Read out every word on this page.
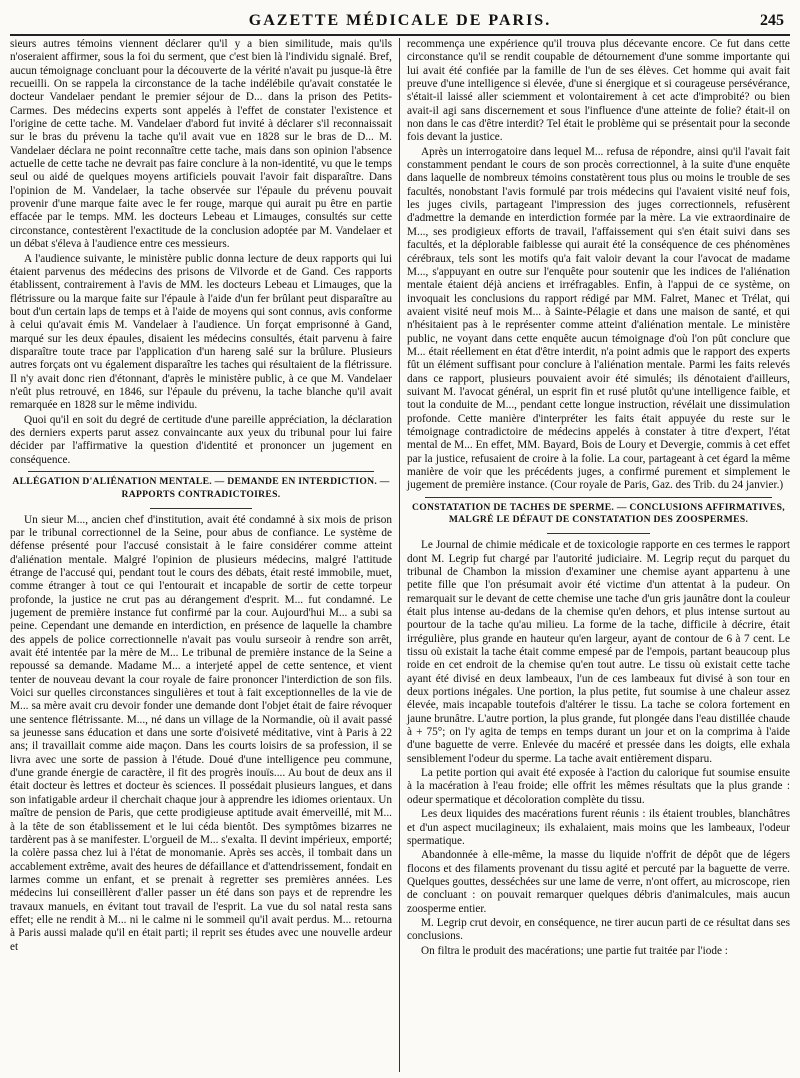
GAZETTE MÉDICALE DE PARIS.	245

sieurs autres témoins viennent déclarer qu'il y a bien similitude, mais qu'ils n'oseraient affirmer, sous la foi du serment, que c'est bien là l'individu signalé. Bref, aucun témoignage concluant pour la découverte de la vérité n'avait pu jusque-là être recueilli. On se rappela la circonstance de la tache indélébile qu'avait constatée le docteur Vandelaer pendant le premier séjour de D... dans la prison des Petits-Carmes. Des médecins experts sont appelés à l'effet de constater l'existence et l'origine de cette tache. M. Vandelaer d'abord fut invité à déclarer s'il reconnaissait sur le bras du prévenu la tache qu'il avait vue en 1828 sur le bras de D... M. Vandelaer déclara ne point reconnaître cette tache, mais dans son opinion l'absence actuelle de cette tache ne devrait pas faire conclure à la non-identité, vu que le temps seul ou aidé de quelques moyens artificiels pouvait l'avoir fait disparaître. Dans l'opinion de M. Vandelaer, la tache observée sur l'épaule du prévenu pouvait provenir d'une marque faite avec le fer rouge, marque qui aurait pu être en partie effacée par le temps. MM. les docteurs Lebeau et Limauges, consultés sur cette circonstance, contestèrent l'exactitude de la conclusion adoptée par M. Vandelaer et un débat s'éleva à l'audience entre ces messieurs.

A l'audience suivante, le ministère public donna lecture de deux rapports qui lui étaient parvenus des médecins des prisons de Vilvorde et de Gand. Ces rapports établissent, contrairement à l'avis de MM. les docteurs Lebeau et Limauges, que la flétrissure ou la marque faite sur l'épaule à l'aide d'un fer brûlant peut disparaître au bout d'un certain laps de temps et à l'aide de moyens qui sont connus, avis conforme à celui qu'avait émis M. Vandelaer à l'audience. Un forçat emprisonné à Gand, marqué sur les deux épaules, disaient les médecins consultés, était parvenu à faire disparaître toute trace par l'application d'un hareng salé sur la brûlure. Plusieurs autres forçats ont vu également disparaître les taches qui résultaient de la flétrissure. Il n'y avait donc rien d'étonnant, d'après le ministère public, à ce que M. Vandelaer n'eût plus retrouvé, en 1846, sur l'épaule du prévenu, la tache blanche qu'il avait remarquée en 1828 sur le même individu.

Quoi qu'il en soit du degré de certitude d'une pareille appréciation, la déclaration des derniers experts parut assez convaincante aux yeux du tribunal pour lui faire décider par l'affirmative la question d'identité et prononcer un jugement en conséquence.

ALLÉGATION D'ALIÉNATION MENTALE. — DEMANDE EN INTERDICTION. — RAPPORTS CONTRADICTOIRES.

Un sieur M..., ancien chef d'institution, avait été condamné à six mois de prison par le tribunal correctionnel de la Seine, pour abus de confiance. Le système de défense présenté pour l'accusé consistait à le faire considérer comme atteint d'aliénation mentale. Malgré l'opinion de plusieurs médecins, malgré l'attitude étrange de l'accusé qui, pendant tout le cours des débats, était resté immobile, muet, comme étranger à tout ce qui l'entourait et incapable de sortir de cette torpeur profonde, la justice ne crut pas au dérangement d'esprit. M... fut condamné. Le jugement de première instance fut confirmé par la cour. Aujourd'hui M... a subi sa peine. Cependant une demande en interdiction, en présence de laquelle la chambre des appels de police correctionnelle n'avait pas voulu surseoir à rendre son arrêt, avait été intentée par la mère de M... Le tribunal de première instance de la Seine a repoussé sa demande. Madame M... a interjeté appel de cette sentence, et vient tenter de nouveau devant la cour royale de faire prononcer l'interdiction de son fils. Voici sur quelles circonstances singulières et tout à fait exceptionnelles de la vie de M... sa mère avait cru devoir fonder une demande dont l'objet était de faire révoquer une sentence flétrissante. M..., né dans un village de la Normandie, où il avait passé sa jeunesse sans éducation et dans une sorte d'oisiveté méditative, vint à Paris à 22 ans; il travaillait comme aide maçon. Dans les courts loisirs de sa profession, il se livra avec une sorte de passion à l'étude. Doué d'une intelligence peu commune, d'une grande énergie de caractère, il fit des progrès inouïs.... Au bout de deux ans il était docteur ès lettres et docteur ès sciences. Il possédait plusieurs langues, et dans son infatigable ardeur il cherchait chaque jour à apprendre les idiomes orientaux. Un maître de pension de Paris, que cette prodigieuse aptitude avait émerveillé, mit M... à la tête de son établissement et le lui céda bientôt. Des symptômes bizarres ne tardèrent pas à se manifester. L'orgueil de M... s'exalta. Il devint impérieux, emporté; la colère passa chez lui à l'état de monomanie. Après ses accès, il tombait dans un accablement extrême, avait des heures de défaillance et d'attendrissement, fondait en larmes comme un enfant, et se prenait à regretter ses premières années. Les médecins lui conseillèrent d'aller passer un été dans son pays et de reprendre les travaux manuels, en évitant tout travail de l'esprit. La vue du sol natal resta sans effet; elle ne rendit à M... ni le calme ni le sommeil qu'il avait perdus. M... retourna à Paris aussi malade qu'il en était parti; il reprit ses études avec une nouvelle ardeur et

recommença une expérience qu'il trouva plus décevante encore. Ce fut dans cette circonstance qu'il se rendit coupable de détournement d'une somme importante qui lui avait été confiée par la famille de l'un de ses élèves. Cet homme qui avait fait preuve d'une intelligence si élevée, d'une si énergique et si courageuse persévérance, s'était-il laissé aller sciemment et volontairement à cet acte d'improbité? ou bien avait-il agi sans discernement et sous l'influence d'une atteinte de folie? était-il on non dans le cas d'être interdit? Tel était le problème qui se présentait pour la seconde fois devant la justice.

Après un interrogatoire dans lequel M... refusa de répondre, ainsi qu'il l'avait fait constamment pendant le cours de son procès correctionnel, à la suite d'une enquête dans laquelle de nombreux témoins constatèrent tous plus ou moins le trouble de ses facultés, nonobstant l'avis formulé par trois médecins qui l'avaient visité neuf fois, les juges civils, partageant l'impression des juges correctionnels, refusèrent d'admettre la demande en interdiction formée par la mère. La vie extraordinaire de M..., ses prodigieux efforts de travail, l'affaissement qui s'en était suivi dans ses facultés, et la déplorable faiblesse qui aurait été la conséquence de ces phénomènes cérébraux, tels sont les motifs qu'a fait valoir devant la cour l'avocat de madame M..., s'appuyant en outre sur l'enquête pour soutenir que les indices de l'aliénation mentale étaient déjà anciens et irréfragables. Enfin, à l'appui de ce système, on invoquait les conclusions du rapport rédigé par MM. Falret, Manec et Trélat, qui avaient visité neuf mois M... à Sainte-Pélagie et dans une maison de santé, et qui n'hésitaient pas à le représenter comme atteint d'aliénation mentale. Le ministère public, ne voyant dans cette enquête aucun témoignage d'où l'on pût conclure que M... était réellement en état d'être interdit, n'a point admis que le rapport des experts fût un élément suffisant pour conclure à l'aliénation mentale. Parmi les faits relevés dans ce rapport, plusieurs pouvaient avoir été simulés; ils dénotaient d'ailleurs, suivant M. l'avocat général, un esprit fin et rusé plutôt qu'une intelligence faible, et tout la conduite de M..., pendant cette longue instruction, révélait une dissimulation profonde. Cette manière d'interpréter les faits était appuyée du reste sur le témoignage contradictoire de médecins appelés à constater à titre d'expert, l'état mental de M... En effet, MM. Bayard, Bois de Loury et Devergie, commis à cet effet par la justice, refusaient de croire à la folie. La cour, partageant à cet égard la même manière de voir que les précédents juges, a confirmé purement et simplement le jugement de première instance. (Cour royale de Paris, Gaz. des Trib. du 24 janvier.)

CONSTATATION DE TACHES DE SPERME. — CONCLUSIONS AFFIRMATIVES, MALGRÉ LE DÉFAUT DE CONSTATATION DES ZOOSPERMES.

Le Journal de chimie médicale et de toxicologie rapporte en ces termes le rapport dont M. Legrip fut chargé par l'autorité judiciaire. M. Legrip reçut du parquet du tribunal de Chambon la mission d'examiner une chemise ayant appartenu à une petite fille que l'on présumait avoir été victime d'un attentat à la pudeur. On remarquait sur le devant de cette chemise une tache d'un gris jaunâtre dont la couleur était plus intense au-dedans de la chemise qu'en dehors, et plus intense surtout au pourtour de la tache qu'au milieu. La forme de la tache, difficile à décrire, était irrégulière, plus grande en hauteur qu'en largeur, ayant de contour de 6 à 7 cent. Le tissu où existait la tache était comme empesé par de l'empois, partant beaucoup plus roide en cet endroit de la chemise qu'en tout autre. Le tissu où existait cette tache ayant été divisé en deux lambeaux, l'un de ces lambeaux fut divisé à son tour en deux portions inégales. Une portion, la plus petite, fut soumise à une chaleur assez élevée, mais incapable toutefois d'altérer le tissu. La tache se colora fortement en jaune brunâtre. L'autre portion, la plus grande, fut plongée dans l'eau distillée chaude à + 75°; on l'y agita de temps en temps durant un jour et on la comprima à l'aide d'une baguette de verre. Enlevée du macéré et pressée dans les doigts, elle exhala sensiblement l'odeur du sperme. La tache avait entièrement disparu.

La petite portion qui avait été exposée à l'action du calorique fut soumise ensuite à la macération à l'eau froide; elle offrit les mêmes résultats que la plus grande : odeur spermatique et décoloration complète du tissu.

Les deux liquides des macérations furent réunis : ils étaient troubles, blanchâtres et d'un aspect mucilagineux; ils exhalaient, mais moins que les lambeaux, l'odeur spermatique.

Abandonnée à elle-même, la masse du liquide n'offrit de dépôt que de légers flocons et des filaments provenant du tissu agité et percuté par la baguette de verre. Quelques gouttes, desséchées sur une lame de verre, n'ont offert, au microscope, rien de concluant : on pouvait remarquer quelques débris d'animalcules, mais aucun zoosperme entier.

M. Legrip crut devoir, en conséquence, ne tirer aucun parti de ce résultat dans ses conclusions.

On filtra le produit des macérations; une partie fut traitée par l'iode :
